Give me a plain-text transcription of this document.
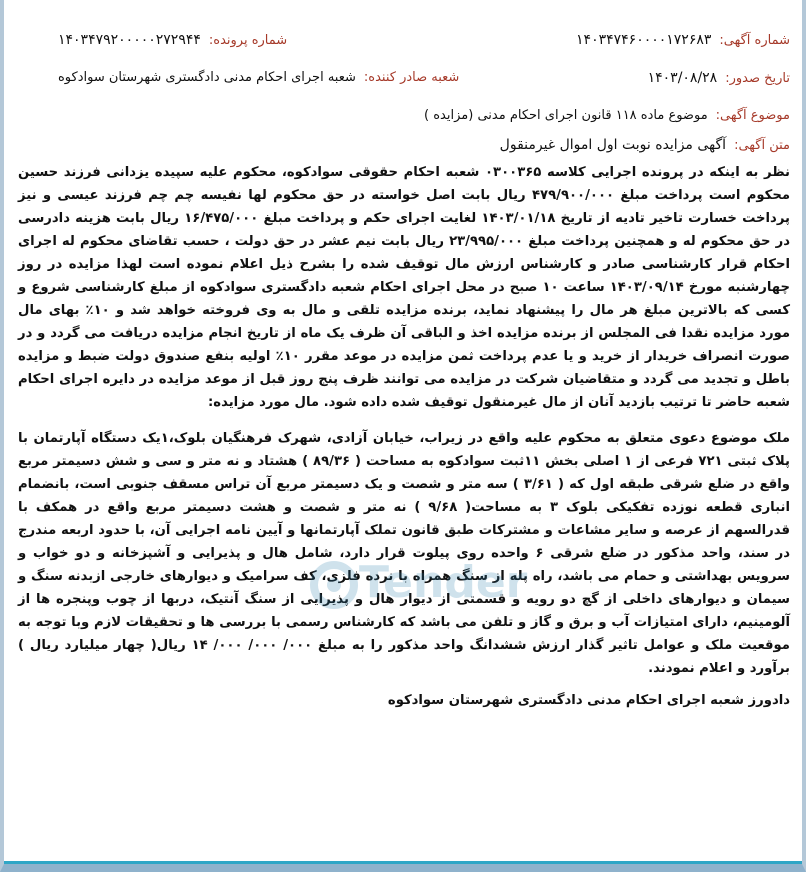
شماره آگهی:
۱۴۰۳۴۷۴۶۰۰۰۰۱۷۲۶۸۳
شماره پرونده:
۱۴۰۳۴۷۹۲۰۰۰۰۰۲۷۲۹۴۴
تاریخ صدور:
۱۴۰۳/۰۸/۲۸
شعبه صادر کننده:
شعبه اجرای احکام مدنی دادگستری شهرستان سوادکوه
موضوع آگهی:
موضوع ماده ۱۱۸ قانون اجرای احکام مدنی (مزایده )
متن آگهی:
آگهی مزایده نوبت اول اموال غیرمنقول

نظر به اینکه در پرونده اجرایی کلاسه ۰۳۰۰۳۶۵ شعبه احکام حقوقی سوادکوه، محکوم علیه سپیده یزدانی فرزند حسین محکوم است پرداخت مبلغ ۴۷۹/۹۰۰/۰۰۰ ریال بابت اصل خواسته در حق محکوم لها نفیسه چم چم فرزند عیسی و نیز پرداخت خسارت تاخیر تادیه از تاریخ ۱۴۰۳/۰۱/۱۸ لغایت اجرای حکم و پرداخت مبلغ ۱۶/۴۷۵/۰۰۰ ریال بابت هزینه دادرسی در حق محکوم له و همچنین پرداخت مبلغ ۲۳/۹۹۵/۰۰۰ ریال بابت نیم عشر در حق دولت ، حسب تقاضای محکوم له اجرای احکام قرار کارشناسی صادر و کارشناس ارزش مال توقیف شده را بشرح ذیل اعلام نموده است لهذا مزایده در روز چهارشنبه مورخ ۱۴۰۳/۰۹/۱۴ ساعت ۱۰ صبح در محل اجرای احکام شعبه دادگستری سوادکوه از مبلغ کارشناسی شروع و کسی که بالاترین مبلغ هر مال را پیشنهاد نماید، برنده مزایده تلقی و مال به وی فروخته خواهد شد و ۱۰٪ بهای مال مورد مزایده نقدا فی المجلس از برنده مزایده اخذ و الباقی آن ظرف یک ماه از تاریخ انجام مزایده دریافت می گردد و در صورت انصراف خریدار از خرید و یا عدم پرداخت ثمن مزایده در موعد مقرر ۱۰٪ اولیه بنفع صندوق دولت ضبط و مزایده باطل و تجدید می گردد و متقاضیان شرکت در مزایده می توانند ظرف پنج روز قبل از موعد مزایده در دایره اجرای احکام شعبه حاضر تا ترتیب بازدید آنان از مال غیرمنقول توقیف شده داده شود. مال مورد مزایده:

ملک موضوع دعوی متعلق به محکوم علیه واقع در زیراب، خیابان آزادی، شهرک فرهنگیان بلوک،۱یک دستگاه آپارتمان با پلاک ثبتی ۷۲۱ فرعی از ۱ اصلی بخش ۱۱ثبت سوادکوه به مساحت ( ۸۹/۳۶ ) هشتاد و نه متر و سی و شش دسیمتر مربع واقع در ضلع شرقی طبقه اول که ( ۳/۶۱ ) سه متر و شصت و یک دسیمتر مربع آن تراس مسقف جنوبی است، بانضمام انباری قطعه نوزده تفکیکی بلوک ۳ به مساحت( ۹/۶۸ ) نه متر و شصت و هشت دسیمتر مربع واقع در همکف با قدرالسهم از عرصه و سایر مشاعات و مشترکات طبق قانون تملک آپارتمانها و آیین نامه اجرایی آن، با حدود اربعه مندرج در سند، واحد مذکور در ضلع شرقی ۶ واحده روی پیلوت قرار دارد، شامل هال و پذیرایی و آشپزخانه و دو خواب و سرویس بهداشتی و حمام می باشد، راه پله از سنگ همراه با نرده فلزی، کف سرامیک و دیوارهای خارجی ازبدنه سنگ و سیمان و دیوارهای داخلی از گچ دو رویه و قسمتی از دیوار هال و پذیرایی از سنگ آنتیک، دربها از چوب وپنجره ها از آلومینیم، دارای امتیازات آب و برق و گاز و تلفن می باشد که کارشناس رسمی با بررسی ها و تحقیقات لازم وبا توجه به موقعیت ملک و عوامل تاثیر گذار ارزش ششدانگ واحد مذکور را به مبلغ ۰۰۰/ ۰۰۰/ ۰۰۰/ ۱۴ ریال( چهار میلیارد ریال ) برآورد و اعلام نمودند.

دادورز شعبه اجرای احکام مدنی دادگستری شهرستان سوادکوه
Tender
